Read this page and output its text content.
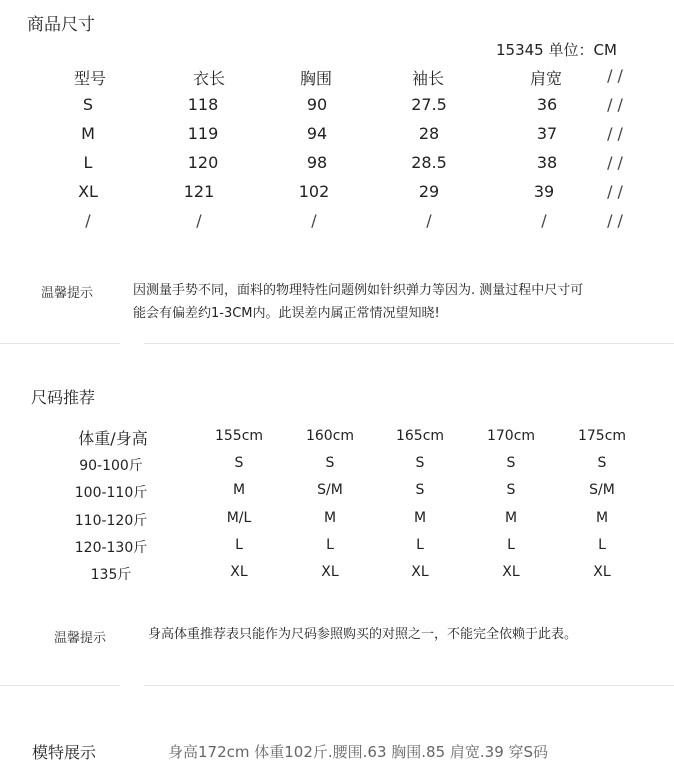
商品尺寸
15345 单位：CM
型号	衣长	胸围	袖长	肩宽	/ /
S	118	90	27.5	36	/ /
M	119	94	28	37	/ /
L	120	98	28.5	38	/ /
XL	121	102	29	39	/ /
/	/	/	/	/	/ /
温馨提示	因测量手势不同，面料的物理特性问题例如针织弹力等因为. 测量过程中尺寸可
能会有偏差约1-3CM内。此误差内属正常情况望知晓!
尺码推荐
体重/身高	155cm	160cm	165cm	170cm	175cm
90-100斤	S	S	S	S	S
100-110斤	M	S/M	S	S	S/M
110-120斤	M/L	M	M	M	M
120-130斤	L	L	L	L	L
135斤	XL	XL	XL	XL	XL
温馨提示	身高体重推荐表只能作为尺码参照购买的对照之一，不能完全依赖于此表。
模特展示	身高172cm 体重102斤.腰围.63 胸围.85 肩宽.39 穿S码
